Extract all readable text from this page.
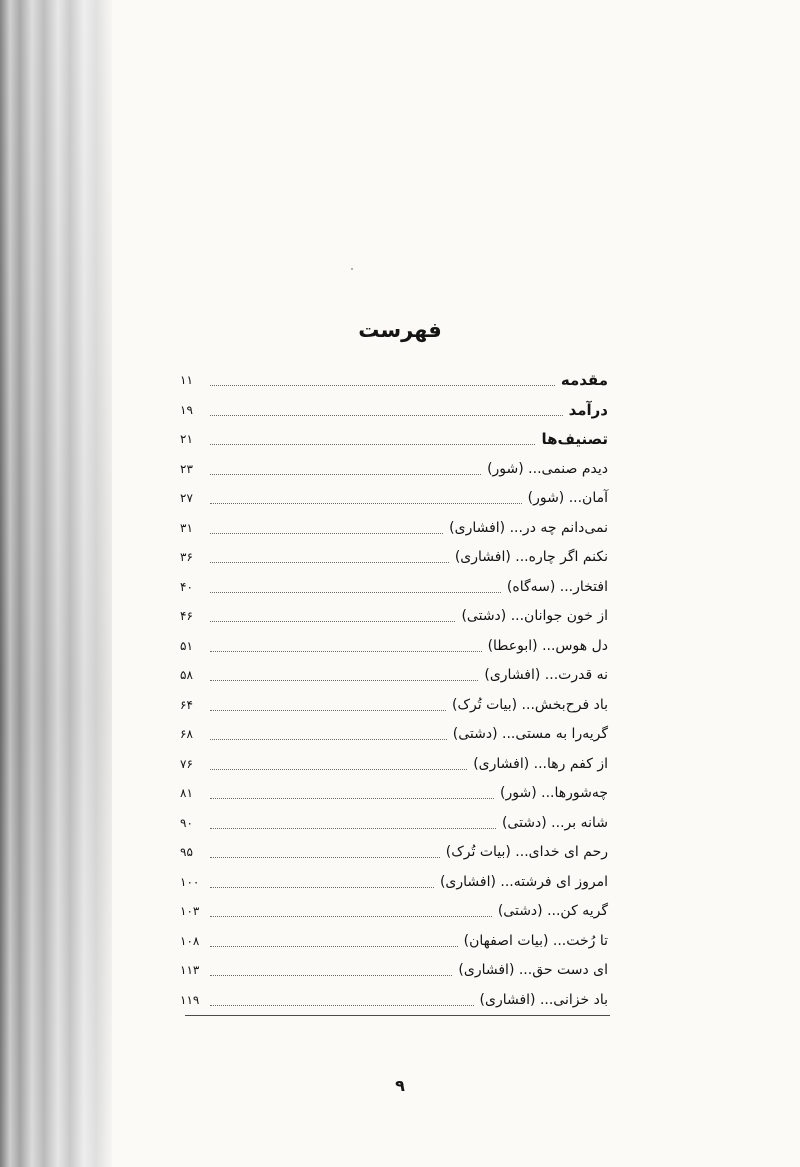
فهرست
مقدمه
۱۱
درآمد
۱۹
تصنیف‌ها
۲۱
دیدم صنمی... (شور)
۲۳
آمان... (شور)
۲۷
نمی‌دانم چه در... (افشاری)
۳۱
نکنم اگر چاره... (افشاری)
۳۶
افتخار... (سه‌گاه)
۴۰
از خون جوانان... (دشتی)
۴۶
دل هوس... (ابوعطا)
۵۱
نه قدرت... (افشاری)
۵۸
باد فرح‌بخش... (بیات تُرک)
۶۴
گریه‌را به مستی... (دشتی)
۶۸
از کفم رها... (افشاری)
۷۶
چه‌شورها... (شور)
۸۱
شانه بر... (دشتی)
۹۰
رحم ای خدای... (بیات تُرک)
۹۵
امروز ای فرشته... (افشاری)
۱۰۰
گریه کن... (دشتی)
۱۰۳
تا رُخت... (بیات اصفهان)
۱۰۸
ای دست حق... (افشاری)
۱۱۳
باد خزانی... (افشاری)
۱۱۹
۹
